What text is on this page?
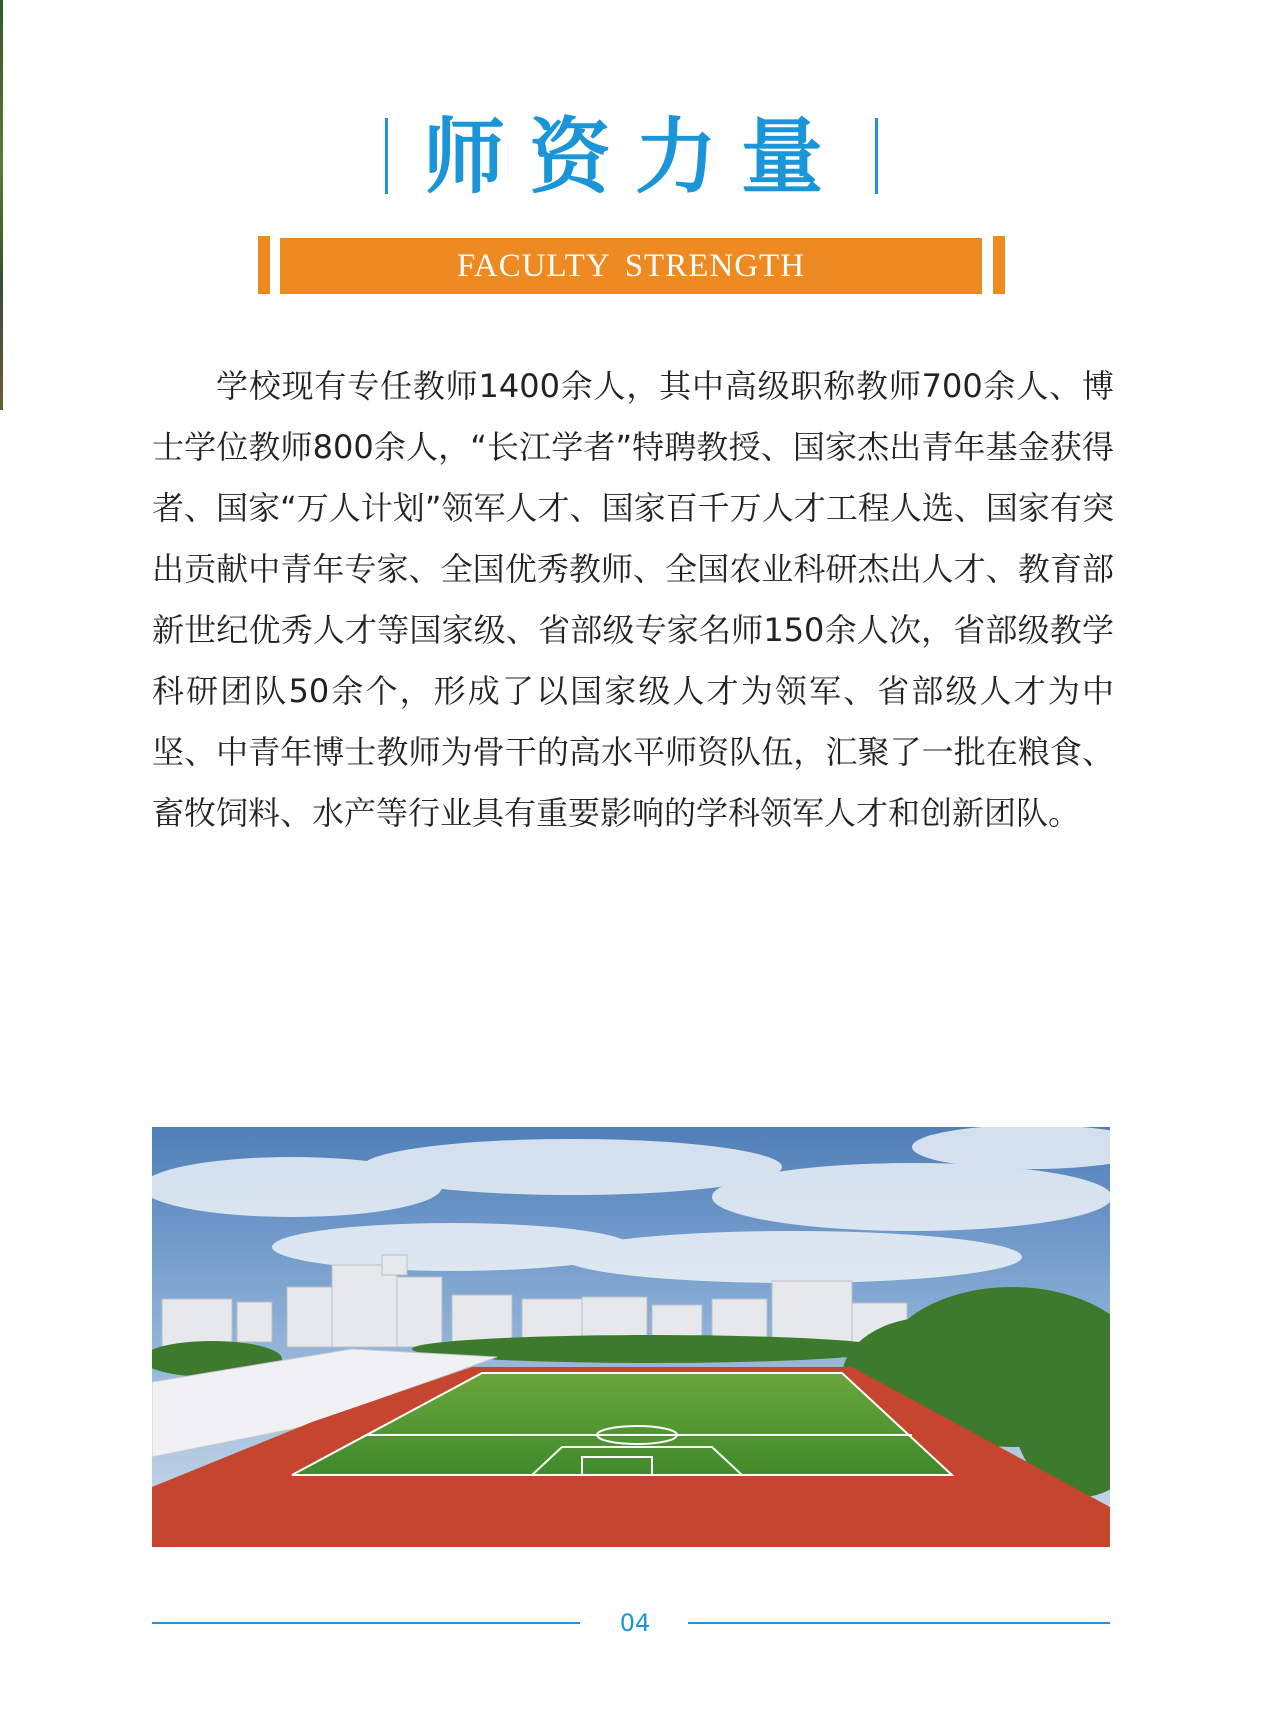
师资力量
FACULTY STRENGTH

学校现有专任教师1400余人，其中高级职称教师700余人、博士学位教师800余人，“长江学者”特聘教授、国家杰出青年基金获得者、国家“万人计划”领军人才、国家百千万人才工程人选、国家有突出贡献中青年专家、全国优秀教师、全国农业科研杰出人才、教育部新世纪优秀人才等国家级、省部级专家名师150余人次，省部级教学科研团队50余个，形成了以国家级人才为领军、省部级人才为中坚、中青年博士教师为骨干的高水平师资队伍，汇聚了一批在粮食、畜牧饲料、水产等行业具有重要影响的学科领军人才和创新团队。

04
